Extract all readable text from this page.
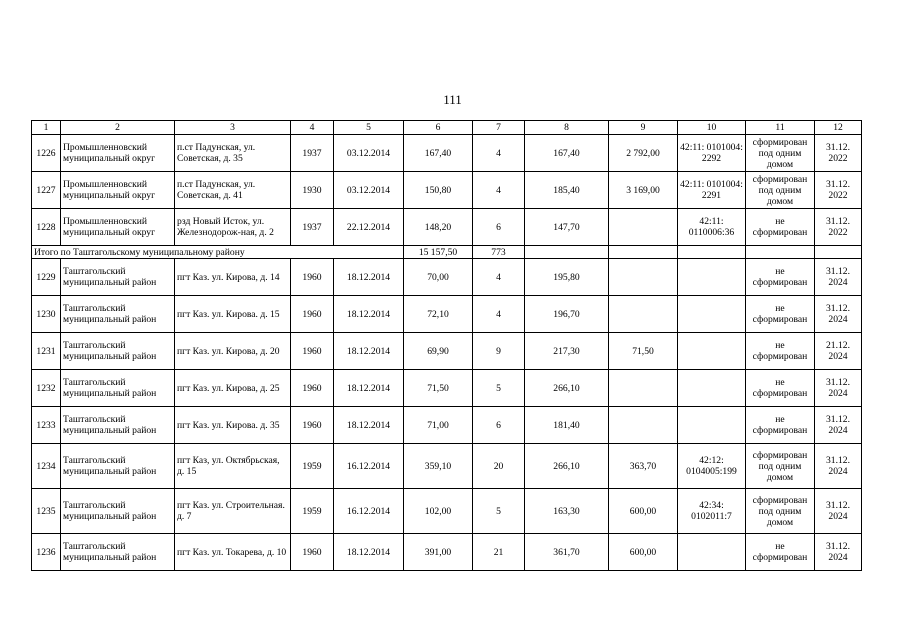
111
1	2	3	4	5	6	7	8	9	10	11	12
1226	Промышленновский муниципальный округ	п.ст Падунская, ул. Советская, д. 35	1937	03.12.2014	167,40	4	167,40	2 792,00	42:11: 0101004: 2292	сформирован под одним домом	31.12. 2022
1227	Промышленновский муниципальный округ	п.ст Падунская, ул. Советская, д. 41	1930	03.12.2014	150,80	4	185,40	3 169,00	42:11: 0101004: 2291	сформирован под одним домом	31.12. 2022
1228	Промышленновский муниципальный округ	рзд Новый Исток, ул. Железнодорож-ная, д. 2	1937	22.12.2014	148,20	6	147,70		42:11: 0110006:36	не сформирован	31.12. 2022
Итого по Таштагольскому муниципальному району					15 157,50	773					
1229	Таштагольский муниципальный район	пгт Каз. ул. Кирова, д. 14	1960	18.12.2014	70,00	4	195,80			не сформирован	31.12. 2024
1230	Таштагольский муниципальный район	пгт Каз. ул. Кирова. д. 15	1960	18.12.2014	72,10	4	196,70			не сформирован	31.12. 2024
1231	Таштагольский муниципальный район	пгт Каз. ул. Кирова, д. 20	1960	18.12.2014	69,90	9	217,30	71,50		не сформирован	21.12. 2024
1232	Таштагольский муниципальный район	пгт Каз. ул. Кирова, д. 25	1960	18.12.2014	71,50	5	266,10			не сформирован	31.12. 2024
1233	Таштагольский муниципальный район	пгт Каз. ул. Кирова. д. 35	1960	18.12.2014	71,00	6	181,40			не сформирован	31.12. 2024
1234	Таштагольский муниципальный район	пгт Каз, ул. Октябрьская, д. 15	1959	16.12.2014	359,10	20	266,10	363,70	42:12: 0104005:199	сформирован под одним домом	31.12. 2024
1235	Таштагольский муниципальный район	пгт Каз. ул. Строительная. д. 7	1959	16.12.2014	102,00	5	163,30	600,00	42:34: 0102011:7	сформирован под одним домом	31.12. 2024
1236	Таштагольский муниципальный район	пгт Каз. ул. Токарева, д. 10	1960	18.12.2014	391,00	21	361,70	600,00		не сформирован	31.12. 2024
